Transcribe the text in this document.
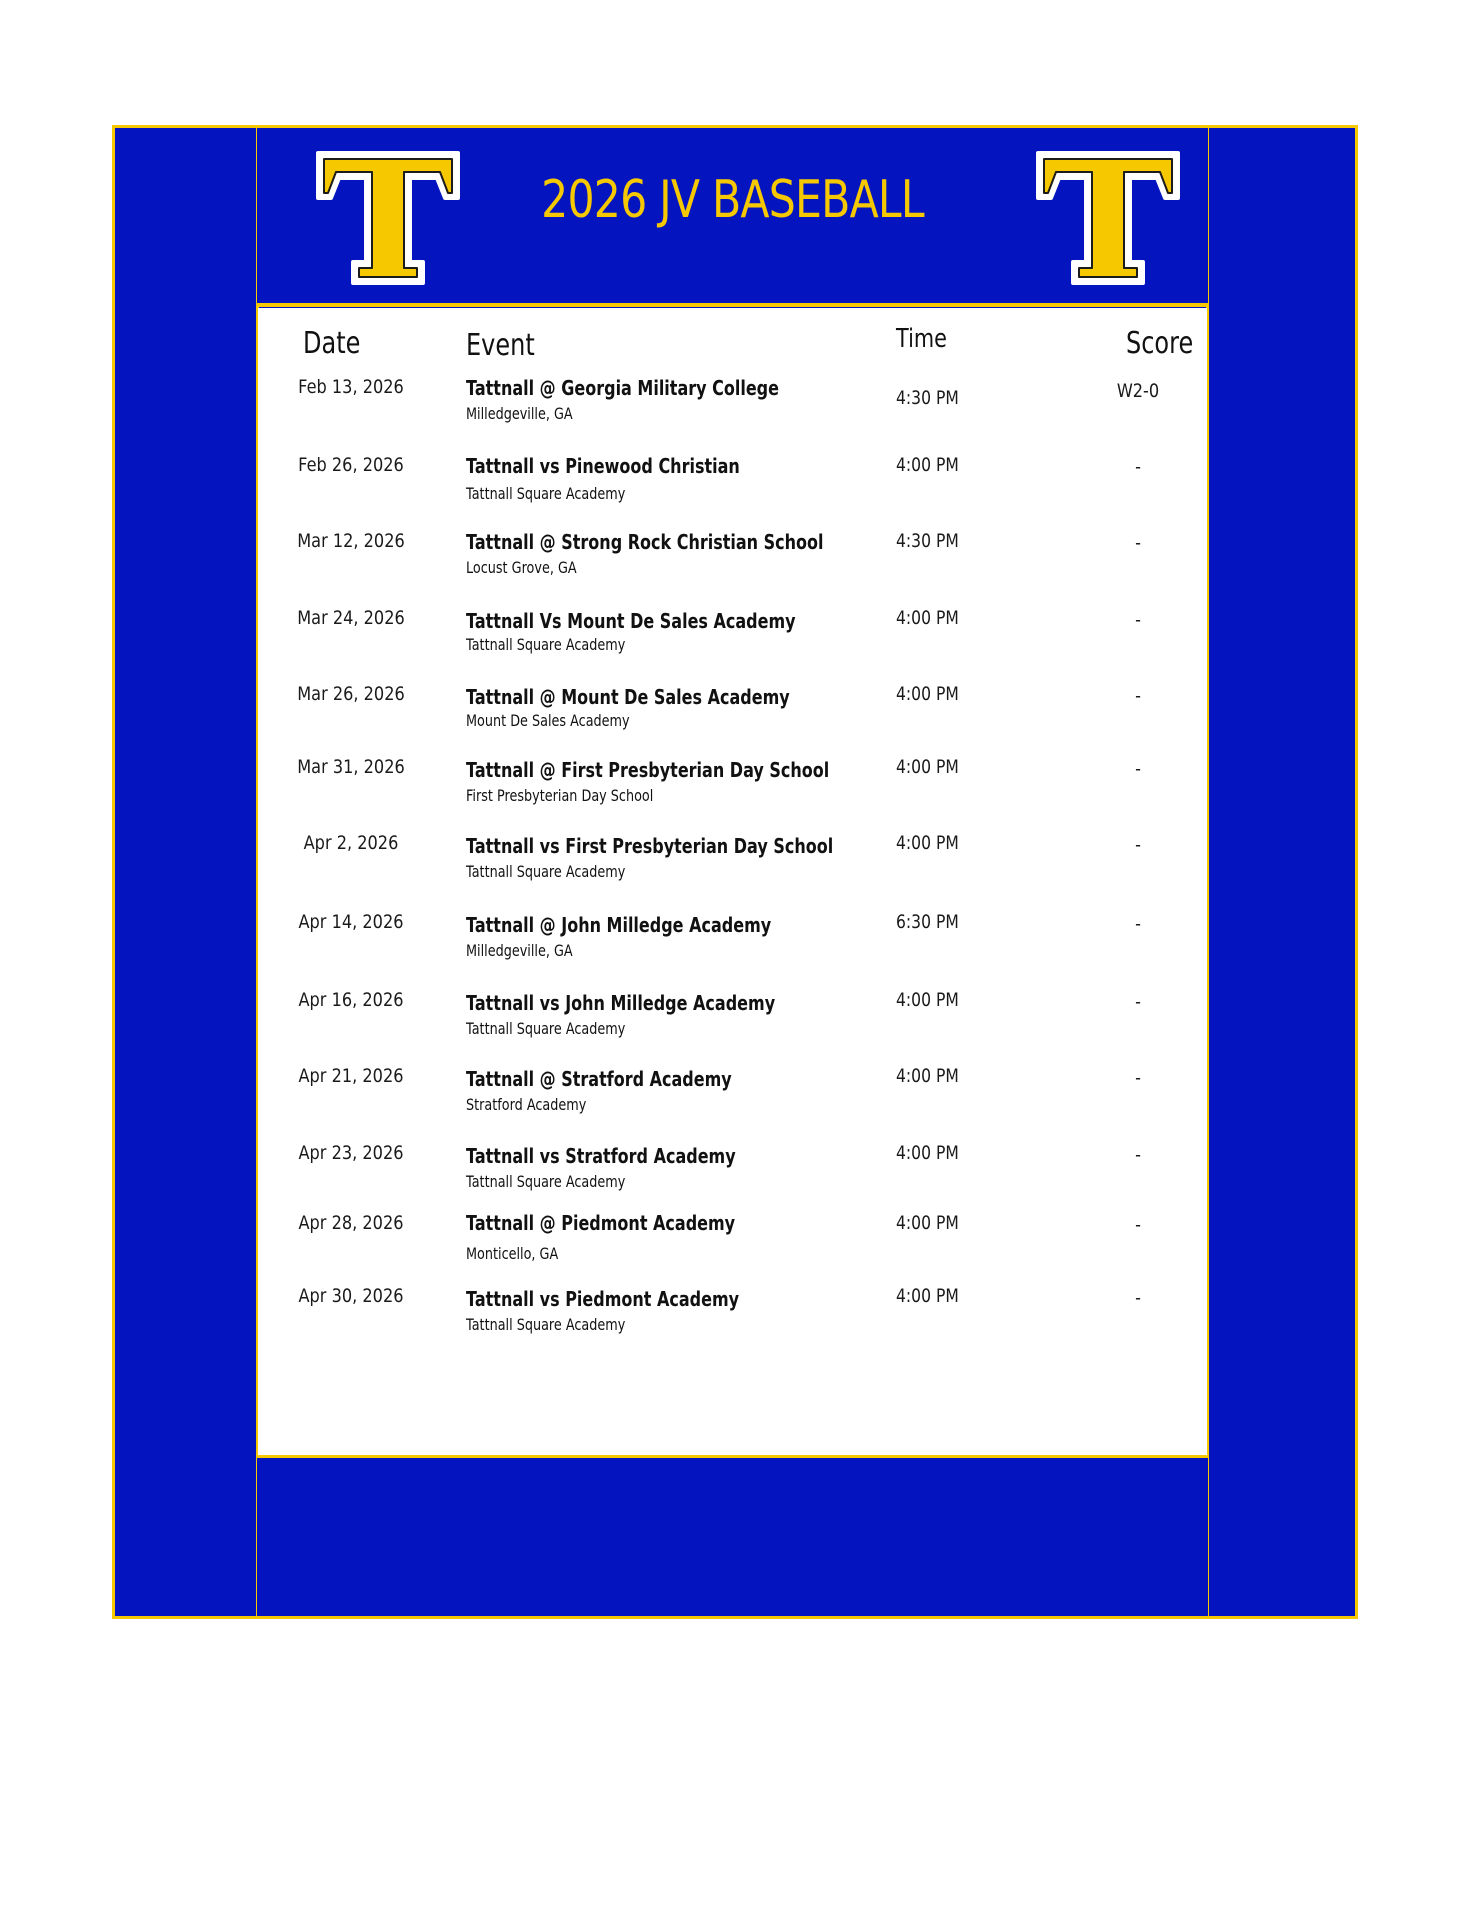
2026 JV BASEBALL
Date	Event	Time	Score
Feb 13, 2026	Tattnall @ Georgia Military College
Milledgeville, GA
4:30 PM	W2-0
Feb 26, 2026	Tattnall vs Pinewood Christian
Tattnall Square Academy
4:00 PM	-
Mar 12, 2026	Tattnall @ Strong Rock Christian School
Locust Grove, GA
4:30 PM	-
Mar 24, 2026	Tattnall Vs Mount De Sales Academy
Tattnall Square Academy
4:00 PM	-
Mar 26, 2026	Tattnall @ Mount De Sales Academy
Mount De Sales Academy
4:00 PM	-
Mar 31, 2026	Tattnall @ First Presbyterian Day School
First Presbyterian Day School
4:00 PM	-
Apr 2, 2026	Tattnall vs First Presbyterian Day School
Tattnall Square Academy
4:00 PM	-
Apr 14, 2026	Tattnall @ John Milledge Academy
Milledgeville, GA
6:30 PM	-
Apr 16, 2026	Tattnall vs John Milledge Academy
Tattnall Square Academy
4:00 PM	-
Apr 21, 2026	Tattnall @ Stratford Academy
Stratford Academy
4:00 PM	-
Apr 23, 2026	Tattnall vs Stratford Academy
Tattnall Square Academy
4:00 PM	-
Apr 28, 2026	Tattnall @ Piedmont Academy
Monticello, GA
4:00 PM	-
Apr 30, 2026	Tattnall vs Piedmont Academy
Tattnall Square Academy
4:00 PM	-
